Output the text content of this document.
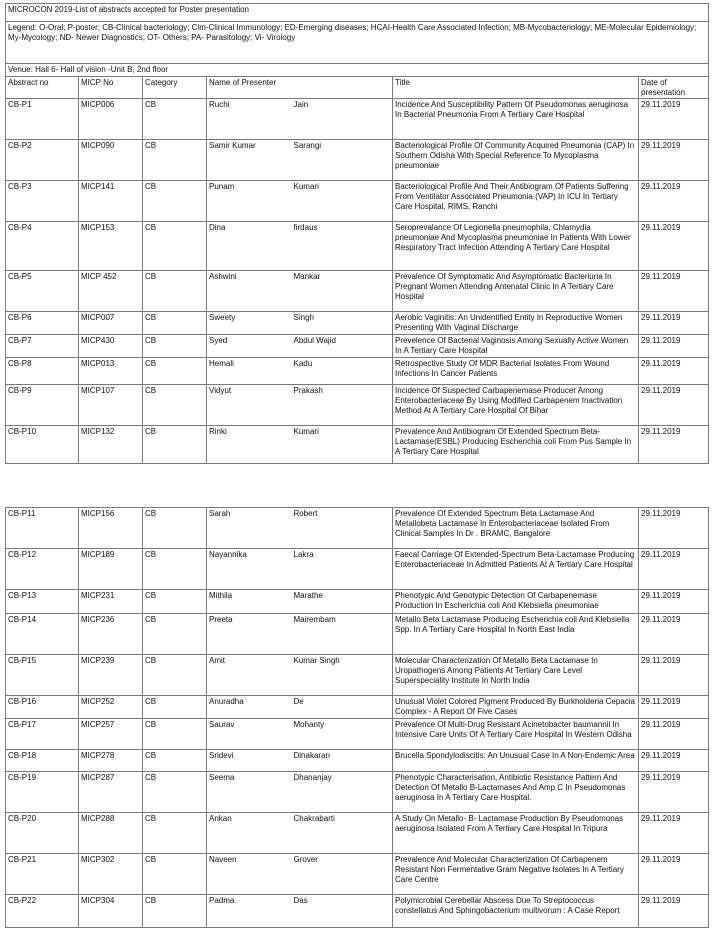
MICROCON 2019-List of abstracts accepted for Poster presentation						
Legend: O-Oral; P-poster; CB-Clinical bacteriology; Clm-Clinical Immunology; ED-Emerging diseases; HCAI-Health Care Associated Infection; MB-Mycobacteriology; ME-Molecular Epidemiology; My-Mycology; ND- Newer Diagnostics; OT- Others; PA- Parasitology; Vi- Virology						
Venue: Hall 6- Hall of vision -Unit B, 2nd floor						
Abstract no	MICP No	Category	Name of Presenter		Title	Date of presentation
CB-P1	MICP006	CB	Ruchi	Jain	Incidence And Susceptibility Pattern Of Pseudomonas aeruginosa In Bacterial Pneumonia From A Tertiary Care Hospital	29.11.2019
CB-P2	MICP090	CB	Samir Kumar	Sarangi	Bacteriological Profile Of Community Acquired Pneumonia (CAP) In Southern Odisha With Special Reference To Mycoplasma pneumoniae	29.11.2019
CB-P3	MICP141	CB	Punam	Kumari	Bacteriological Profile And Their Antibiogram Of Patients Suffering From Ventilator Associated Pneumonia (VAP) In ICU In Tertiary Care Hospital, RIMS, Ranchi	29.11.2019
CB-P4	MICP153	CB	Dina	firdaus	Seroprevalance Of Legionella pneumophila, Chlamydia pneumoniae And Mycoplasma pneumoniae In Patients With Lower Respiratory Tract Infection Attending A Tertiary Care Hospital	29.11.2019
CB-P5	MICP 452	CB	Ashwini	Mankar	Prevalence Of Symptomatic And Asymptomatic Bacteriuria In Pregnant Women Attending Antenatal Clinic In A Tertiary Care Hospital	29.11.2019
CB-P6	MICP007	CB	Sweety	Singh	Aerobic Vaginitis: An Unidentified Entity In Reproductive Women Presenting With Vaginal Discharge	29.11.2019
CB-P7	MICP430	CB	Syed	Abdul Wajid	Prevelence Of Bacterial Vaginosis Among Sexually Active Women In A Tertiary Care Hospital	29.11.2019
CB-P8	MICP013	CB	Hemali	Kadu	Retrospective Study Of MDR Bacterial Isolates From Wound Infections In Cancer Patients	29.11.2019
CB-P9	MICP107	CB	Vidyut	Prakash	Incidence Of Suspected Carbapenemase Producer Among Enterobacteriaceae By Using Modified Carbapenem Inactivation Method At A Tertiary Care Hospital Of Bihar	29.11.2019
CB-P10	MICP132	CB	Rinki	Kumari	Prevalence And Antibiogram Of Extended Spectrum Beta-Lactamase(ESBL) Producing Escherichia coli From Pus Sample In A Tertiary Care Hospital	29.11.2019
CB-P11	MICP156	CB	Sarah	Robert	Prevalence Of Extended Spectrum Beta Lactamase And Metallobeta Lactamase In Enterobacteriaceae Isolated From Clinical Samples In Dr . BRAMC, Bangalore	29.11.2019
CB-P12	MICP189	CB	Nayannika	Lakra	Faecal Carriage Of Extended-Spectrum Beta-Lactamase Producing Enterobacteriaceae In Admitted Patients At A Tertiary Care Hospital	29.11.2019
CB-P13	MICP231	CB	Mithila	Marathe	Phenotypic And Genotypic Detection Of Carbapenemase Production In Escherichia coli And Klebsiella pneumoniae	29.11.2019
CB-P14	MICP236	CB	Preeta	Mairembam	Metallo Beta Lactamase Producing Escherichia coli And Klebsiella Spp. In A Tertiary Care Hospital In North East India	29.11.2019
CB-P15	MICP239	CB	Amit	Kumar Singh	Molecular Characterization Of Metallo Beta Lactamase In Uropathogens Among Patients At Tertiary Care Level Superspeciality Institute In North India	29.11.2019
CB-P16	MICP252	CB	Anuradha	De	Unusual Violet Colored Pigment Produced By Burkholderia Cepacia Complex - A Report Of Five Cases	29.11.2019
CB-P17	MICP257	CB	Saurav	Mohanty	Prevalence Of Multi-Drug Resistant Acinetobacter baumannii In Intensive Care Units Of A Tertiary Care Hospital In Western Odisha	29.11.2019
CB-P18	MICP278	CB	Sridevi	Dinakaran	Brucella Spondylodiscitis: An Unusual Case In A Non-Endemic Area	29.11.2019
CB-P19	MICP287	CB	Seema	Dhananjay	Phenotypic Characterisation, Antibiotic Resistance Pattern And Detection Of Metallo B-Lactamases And Amp C In Pseudomonas aeruginosa In A Tertiary Care Hospital.	29.11.2019
CB-P20	MICP288	CB	Ankan	Chakrabarti	A Study On Metallo- B- Lactamase Production By Pseudomonas aeruginosa Isolated From A Tertiary Care Hospital In Tripura	29.11.2019
CB-P21	MICP302	CB	Naveen	Grover	Prevalence And Molecular Characterization Of Carbapenem Resistant Non Fermentative Gram Negative Isolates In A Tertiary Care Centre	29.11.2019
CB-P22	MICP304	CB	Padma	Das	Polymicrobial Cerebellar Abscess Due To Streptococcus constellatus And Sphingobacterium multivorum : A Case Report	29.11.2019
